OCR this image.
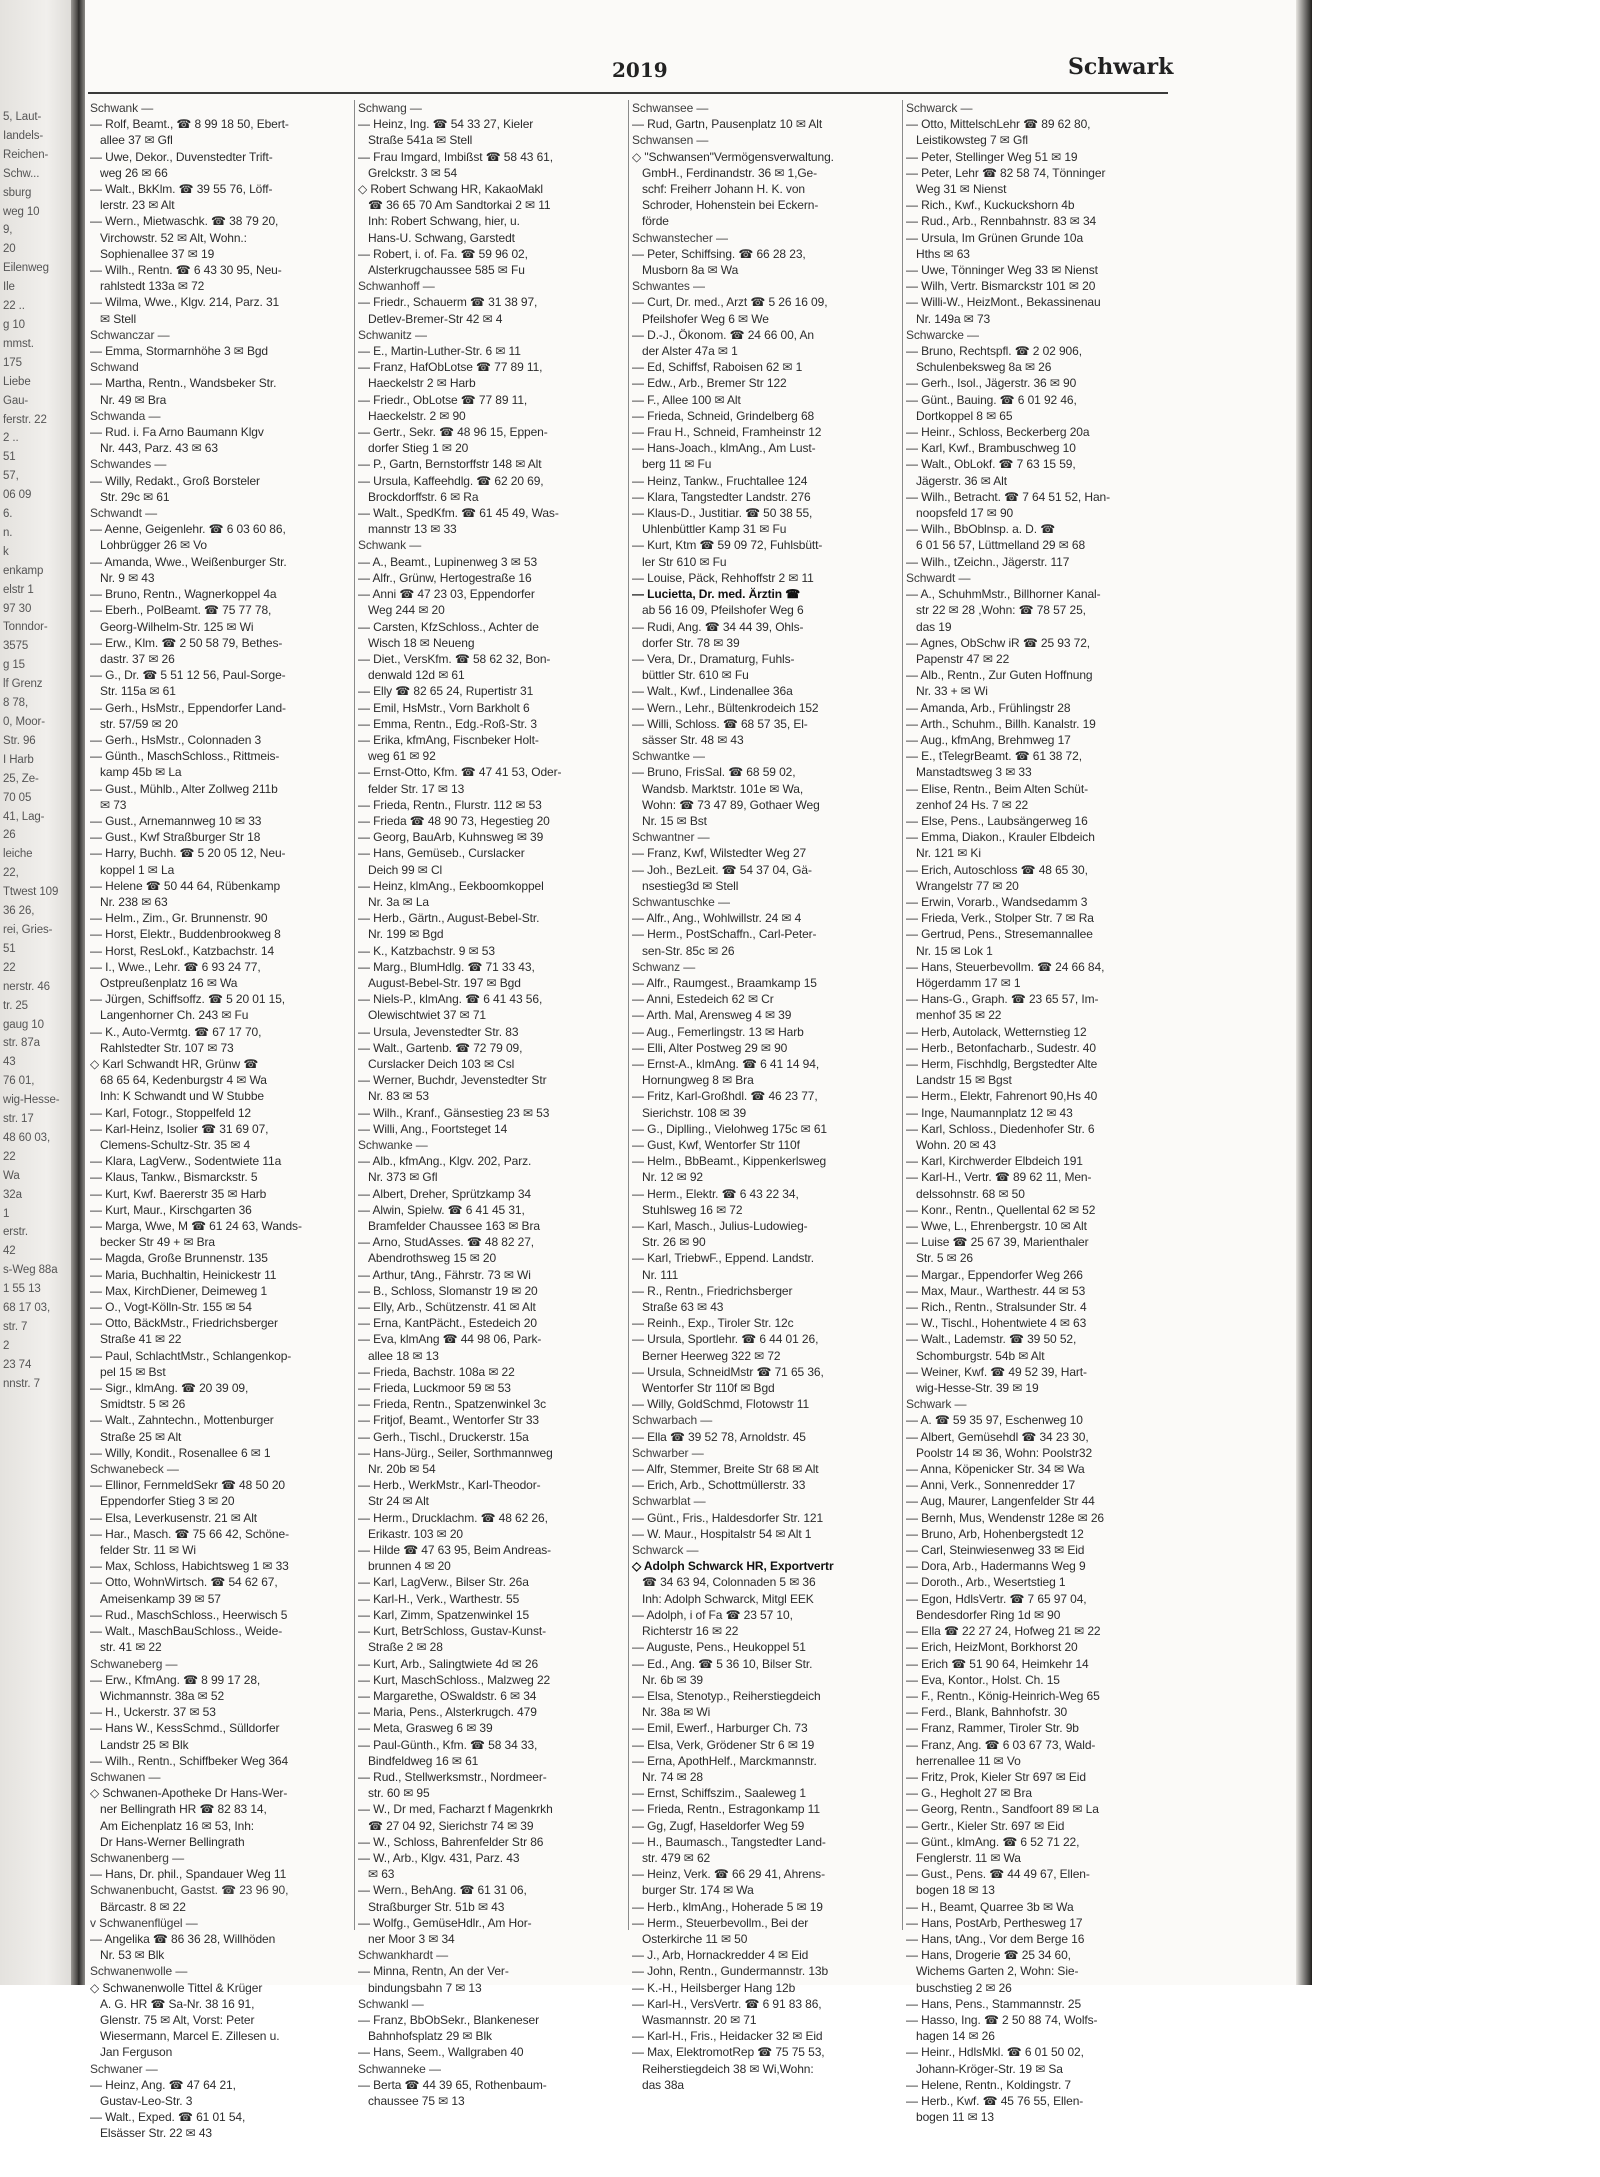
5, Laut-
Iandels-
Reichen-
Schw...
sburg
weg 10
9,
20
Eilenweg
Ile
22 ..
g 10
mmst.
175
Liebe
Gau-
ferstr. 22
2 ..
51
57,
06 09
6.
n.
k
enkamp
elstr 1
97 30
Tonndor-
3575
g 15
lf Grenz
8 78,
0, Moor-
Str. 96
I Harb
25, Ze-
70 05
41, Lag-
26
leiche
22,
Ttwest 109
36 26,
rei, Gries-
51
22
nerstr. 46
tr. 25
gaug 10
str. 87a
43
76 01,
wig-Hesse-
str. 17
48 60 03,
22
Wa
32a
1
erstr.
42
s-Weg 88a
1 55 13
68 17 03,
str. 7
2
23 74
nnstr. 7
2019	Schwark
Schwank —
— Rolf, Beamt., ☎ 8 99 18 50, Ebert-
allee 37 ✉ Gfl
— Uwe, Dekor., Duvenstedter Trift-
weg 26 ✉ 66
— Walt., BkKlm. ☎ 39 55 76, Löff-
lerstr. 23 ✉ Alt
— Wern., Mietwaschk. ☎ 38 79 20,
Virchowstr. 52 ✉ Alt, Wohn.:
Sophienallee 37 ✉ 19
— Wilh., Rentn. ☎ 6 43 30 95, Neu-
rahlstedt 133a ✉ 72
— Wilma, Wwe., Klgv. 214, Parz. 31
✉ Stell
Schwanczar —
— Emma, Stormarnhöhe 3 ✉ Bgd
Schwand
— Martha, Rentn., Wandsbeker Str.
Nr. 49 ✉ Bra
Schwanda —
— Rud. i. Fa Arno Baumann Klgv
Nr. 443, Parz. 43 ✉ 63
Schwandes —
— Willy, Redakt., Groß Borsteler
Str. 29c ✉ 61
Schwandt —
— Aenne, Geigenlehr. ☎ 6 03 60 86,
Lohbrügger 26 ✉ Vo
— Amanda, Wwe., Weißenburger Str.
Nr. 9 ✉ 43
— Bruno, Rentn., Wagnerkoppel 4a
— Eberh., PolBeamt. ☎ 75 77 78,
Georg-Wilhelm-Str. 125 ✉ Wi
— Erw., Klm. ☎ 2 50 58 79, Bethes-
dastr. 37 ✉ 26
— G., Dr. ☎ 5 51 12 56, Paul-Sorge-
Str. 115a ✉ 61
— Gerh., HsMstr., Eppendorfer Land-
str. 57/59 ✉ 20
— Gerh., HsMstr., Colonnaden 3
— Günth., MaschSchloss., Rittmeis-
kamp 45b ✉ La
— Gust., Mühlb., Alter Zollweg 211b
✉ 73
— Gust., Arnemannweg 10 ✉ 33
— Gust., Kwf Straßburger Str 18
— Harry, Buchh. ☎ 5 20 05 12, Neu-
koppel 1 ✉ La
— Helene ☎ 50 44 64, Rübenkamp
Nr. 238 ✉ 63
— Helm., Zim., Gr. Brunnenstr. 90
— Horst, Elektr., Buddenbrookweg 8
— Horst, ResLokf., Katzbachstr. 14
— I., Wwe., Lehr. ☎ 6 93 24 77,
Ostpreußenplatz 16 ✉ Wa
— Jürgen, Schiffsoffz. ☎ 5 20 01 15,
Langenhorner Ch. 243 ✉ Fu
— K., Auto-Vermtg. ☎ 67 17 70,
Rahlstedter Str. 107 ✉ 73
◇ Karl Schwandt HR, Grünw ☎
68 65 64, Kedenburgstr 4 ✉ Wa
Inh: K Schwandt und W Stubbe
— Karl, Fotogr., Stoppelfeld 12
— Karl-Heinz, Isolier ☎ 31 69 07,
Clemens-Schultz-Str. 35 ✉ 4
— Klara, LagVerw., Sodentwiete 11a
— Klaus, Tankw., Bismarckstr. 5
— Kurt, Kwf. Baererstr 35 ✉ Harb
— Kurt, Maur., Kirschgarten 36
— Marga, Wwe, M ☎ 61 24 63, Wands-
becker Str 49 + ✉ Bra
— Magda, Große Brunnenstr. 135
— Maria, Buchhaltin, Heinickestr 11
— Max, KirchDiener, Deimeweg 1
— O., Vogt-Kölln-Str. 155 ✉ 54
— Otto, BäckMstr., Friedrichsberger
Straße 41 ✉ 22
— Paul, SchlachtMstr., Schlangenkop-
pel 15 ✉ Bst
— Sigr., klmAng. ☎ 20 39 09,
Smidtstr. 5 ✉ 26
— Walt., Zahntechn., Mottenburger
Straße 25 ✉ Alt
— Willy, Kondit., Rosenallee 6 ✉ 1
Schwanebeck —
— Ellinor, FernmeldSekr ☎ 48 50 20
Eppendorfer Stieg 3 ✉ 20
— Elsa, Leverkusenstr. 21 ✉ Alt
— Har., Masch. ☎ 75 66 42, Schöne-
felder Str. 11 ✉ Wi
— Max, Schloss, Habichtsweg 1 ✉ 33
— Otto, WohnWirtsch. ☎ 54 62 67,
Ameisenkamp 39 ✉ 57
— Rud., MaschSchloss., Heerwisch 5
— Walt., MaschBauSchloss., Weide-
str. 41 ✉ 22
Schwaneberg —
— Erw., KfmAng. ☎ 8 99 17 28,
Wichmannstr. 38a ✉ 52
— H., Uckerstr. 37 ✉ 53
— Hans W., KessSchmd., Sülldorfer
Landstr 25 ✉ Blk
— Wilh., Rentn., Schiffbeker Weg 364
Schwanen —
◇ Schwanen-Apotheke Dr Hans-Wer-
ner Bellingrath HR ☎ 82 83 14,
Am Eichenplatz 16 ✉ 53, Inh:
Dr Hans-Werner Bellingrath
Schwanenberg —
— Hans, Dr. phil., Spandauer Weg 11
Schwanenbucht, Gastst. ☎ 23 96 90,
Bärcastr. 8 ✉ 22
v Schwanenflügel —
— Angelika ☎ 86 36 28, Willhöden
Nr. 53 ✉ Blk
Schwanenwolle —
◇ Schwanenwolle Tittel & Krüger
A. G. HR ☎ Sa-Nr. 38 16 91,
Glenstr. 75 ✉ Alt, Vorst: Peter
Wiesermann, Marcel E. Zillesen u.
Jan Ferguson
Schwaner —
— Heinz, Ang. ☎ 47 64 21,
Gustav-Leo-Str. 3
— Walt., Exped. ☎ 61 01 54,
Elsässer Str. 22 ✉ 43
Schwang —
— Heinz, Ing. ☎ 54 33 27, Kieler
Straße 541a ✉ Stell
— Frau Imgard, Imbißst ☎ 58 43 61,
Grelckstr. 3 ✉ 54
◇ Robert Schwang HR, KakaoMakl
☎ 36 65 70 Am Sandtorkai 2 ✉ 11
Inh: Robert Schwang, hier, u.
Hans-U. Schwang, Garstedt
— Robert, i. of. Fa. ☎ 59 96 02,
Alsterkrugchaussee 585 ✉ Fu
Schwanhoff —
— Friedr., Schauerm ☎ 31 38 97,
Detlev-Bremer-Str 42 ✉ 4
Schwanitz —
— E., Martin-Luther-Str. 6 ✉ 11
— Franz, HafObLotse ☎ 77 89 11,
Haeckelstr 2 ✉ Harb
— Friedr., ObLotse ☎ 77 89 11,
Haeckelstr. 2 ✉ 90
— Gertr., Sekr. ☎ 48 96 15, Eppen-
dorfer Stieg 1 ✉ 20
— P., Gartn, Bernstorffstr 148 ✉ Alt
— Ursula, Kaffeehdlg. ☎ 62 20 69,
Brockdorffstr. 6 ✉ Ra
— Walt., SpedKfm. ☎ 61 45 49, Was-
mannstr 13 ✉ 33
Schwank —
— A., Beamt., Lupinenweg 3 ✉ 53
— Alfr., Grünw, Hertogestraße 16
— Anni ☎ 47 23 03, Eppendorfer
Weg 244 ✉ 20
— Carsten, KfzSchloss., Achter de
Wisch 18 ✉ Neueng
— Diet., VersKfm. ☎ 58 62 32, Bon-
denwald 12d ✉ 61
— Elly ☎ 82 65 24, Rupertistr 31
— Emil, HsMstr., Vorn Barkholt 6
— Emma, Rentn., Edg.-Roß-Str. 3
— Erika, kfmAng, Fiscnbeker Holt-
weg 61 ✉ 92
— Ernst-Otto, Kfm. ☎ 47 41 53, Oder-
felder Str. 17 ✉ 13
— Frieda, Rentn., Flurstr. 112 ✉ 53
— Frieda ☎ 48 90 73, Hegestieg 20
— Georg, BauArb, Kuhnsweg ✉ 39
— Hans, Gemüseb., Curslacker
Deich 99 ✉ Cl
— Heinz, klmAng., Eekboomkoppel
Nr. 3a ✉ La
— Herb., Gärtn., August-Bebel-Str.
Nr. 199 ✉ Bgd
— K., Katzbachstr. 9 ✉ 53
— Marg., BlumHdlg. ☎ 71 33 43,
August-Bebel-Str. 197 ✉ Bgd
— Niels-P., klmAng. ☎ 6 41 43 56,
Olewischtwiet 37 ✉ 71
— Ursula, Jevenstedter Str. 83
— Walt., Gartenb. ☎ 72 79 09,
Curslacker Deich 103 ✉ Csl
— Werner, Buchdr, Jevenstedter Str
Nr. 83 ✉ 53
— Wilh., Kranf., Gänsestieg 23 ✉ 53
— Willi, Ang., Foortsteget 14
Schwanke —
— Alb., kfmAng., Klgv. 202, Parz.
Nr. 373 ✉ Gfl
— Albert, Dreher, Sprützkamp 34
— Alwin, Spielw. ☎ 6 41 45 31,
Bramfelder Chaussee 163 ✉ Bra
— Arno, StudAsses. ☎ 48 82 27,
Abendrothsweg 15 ✉ 20
— Arthur, tAng., Fährstr. 73 ✉ Wi
— B., Schloss, Slomanstr 19 ✉ 20
— Elly, Arb., Schützenstr. 41 ✉ Alt
— Erna, KantPächt., Estedeich 20
— Eva, klmAng ☎ 44 98 06, Park-
allee 18 ✉ 13
— Frieda, Bachstr. 108a ✉ 22
— Frieda, Luckmoor 59 ✉ 53
— Frieda, Rentn., Spatzenwinkel 3c
— Fritjof, Beamt., Wentorfer Str 33
— Gerh., Tischl., Druckerstr. 15a
— Hans-Jürg., Seiler, Sorthmannweg
Nr. 20b ✉ 54
— Herb., WerkMstr., Karl-Theodor-
Str 24 ✉ Alt
— Herm., Drucklachm. ☎ 48 62 26,
Erikastr. 103 ✉ 20
— Hilde ☎ 47 63 95, Beim Andreas-
brunnen 4 ✉ 20
— Karl, LagVerw., Bilser Str. 26a
— Karl-H., Verk., Warthestr. 55
— Karl, Zimm, Spatzenwinkel 15
— Kurt, BetrSchloss, Gustav-Kunst-
Straße 2 ✉ 28
— Kurt, Arb., Salingtwiete 4d ✉ 26
— Kurt, MaschSchloss., Malzweg 22
— Margarethe, OSwaldstr. 6 ✉ 34
— Maria, Pens., Alsterkrugch. 479
— Meta, Grasweg 6 ✉ 39
— Paul-Günth., Kfm. ☎ 58 34 33,
Bindfeldweg 16 ✉ 61
— Rud., Stellwerksmstr., Nordmeer-
str. 60 ✉ 95
— W., Dr med, Facharzt f Magenkrkh
☎ 27 04 92, Sierichstr 74 ✉ 39
— W., Schloss, Bahrenfelder Str 86
— W., Arb., Klgv. 431, Parz. 43
✉ 63
— Wern., BehAng. ☎ 61 31 06,
Straßburger Str. 51b ✉ 43
— Wolfg., GemüseHdlr., Am Hor-
ner Moor 3 ✉ 34
Schwankhardt —
— Minna, Rentn, An der Ver-
bindungsbahn 7 ✉ 13
Schwankl —
— Franz, BbObSekr., Blankeneser
Bahnhofsplatz 29 ✉ Blk
— Hans, Seem., Wallgraben 40
Schwanneke —
— Berta ☎ 44 39 65, Rothenbaum-
chaussee 75 ✉ 13
Schwansee —
— Rud, Gartn, Pausenplatz 10 ✉ Alt
Schwansen —
◇ "Schwansen"Vermögensverwaltung.
GmbH., Ferdinandstr. 36 ✉ 1,Ge-
schf: Freiherr Johann H. K. von
Schroder, Hohenstein bei Eckern-
förde
Schwanstecher —
— Peter, Schiffsing. ☎ 66 28 23,
Musborn 8a ✉ Wa
Schwantes —
— Curt, Dr. med., Arzt ☎ 5 26 16 09,
Pfeilshofer Weg 6 ✉ We
— D.-J., Ökonom. ☎ 24 66 00, An
der Alster 47a ✉ 1
— Ed, Schiffsf, Raboisen 62 ✉ 1
— Edw., Arb., Bremer Str 122
— F., Allee 100 ✉ Alt
— Frieda, Schneid, Grindelberg 68
— Frau H., Schneid, Framheinstr 12
— Hans-Joach., klmAng., Am Lust-
berg 11 ✉ Fu
— Heinz, Tankw., Fruchtallee 124
— Klara, Tangstedter Landstr. 276
— Klaus-D., Justitiar. ☎ 50 38 55,
Uhlenbüttler Kamp 31 ✉ Fu
— Kurt, Ktm ☎ 59 09 72, Fuhlsbütt-
ler Str 610 ✉ Fu
— Louise, Päck, Rehhoffstr 2 ✉ 11
— Lucietta, Dr. med. Ärztin ☎
ab 56 16 09, Pfeilshofer Weg 6
— Rudi, Ang. ☎ 34 44 39, Ohls-
dorfer Str. 78 ✉ 39
— Vera, Dr., Dramaturg, Fuhls-
büttler Str. 610 ✉ Fu
— Walt., Kwf., Lindenallee 36a
— Wern., Lehr., Bültenkrodeich 152
— Willi, Schloss. ☎ 68 57 35, El-
sässer Str. 48 ✉ 43
Schwantke —
— Bruno, FrisSal. ☎ 68 59 02,
Wandsb. Marktstr. 101e ✉ Wa,
Wohn: ☎ 73 47 89, Gothaer Weg
Nr. 15 ✉ Bst
Schwantner —
— Franz, Kwf, Wilstedter Weg 27
— Joh., BezLeit. ☎ 54 37 04, Gä-
nsestieg3d ✉ Stell
Schwantuschke —
— Alfr., Ang., Wohlwillstr. 24 ✉ 4
— Herm., PostSchaffn., Carl-Peter-
sen-Str. 85c ✉ 26
Schwanz —
— Alfr., Raumgest., Braamkamp 15
— Anni, Estedeich 62 ✉ Cr
— Arth. Mal, Arensweg 4 ✉ 39
— Aug., Femerlingstr. 13 ✉ Harb
— Elli, Alter Postweg 29 ✉ 90
— Ernst-A., klmAng. ☎ 6 41 14 94,
Hornungweg 8 ✉ Bra
— Fritz, Karl-Großhdl. ☎ 46 23 77,
Sierichstr. 108 ✉ 39
— G., Diplling., Vielohweg 175c ✉ 61
— Gust, Kwf, Wentorfer Str 110f
— Helm., BbBeamt., Kippenkerlsweg
Nr. 12 ✉ 92
— Herm., Elektr. ☎ 6 43 22 34,
Stuhlsweg 16 ✉ 72
— Karl, Masch., Julius-Ludowieg-
Str. 26 ✉ 90
— Karl, TriebwF., Eppend. Landstr.
Nr. 111
— R., Rentn., Friedrichsberger
Straße 63 ✉ 43
— Reinh., Exp., Tiroler Str. 12c
— Ursula, Sportlehr. ☎ 6 44 01 26,
Berner Heerweg 322 ✉ 72
— Ursula, SchneidMstr ☎ 71 65 36,
Wentorfer Str 110f ✉ Bgd
— Willy, GoldSchmd, Flotowstr 11
Schwarbach —
— Ella ☎ 39 52 78, Arnoldstr. 45
Schwarber —
— Alfr, Stemmer, Breite Str 68 ✉ Alt
— Erich, Arb., Schottmüllerstr. 33
Schwarblat —
— Günt., Fris., Haldesdorfer Str. 121
— W. Maur., Hospitalstr 54 ✉ Alt 1
Schwarck —
◇ Adolph Schwarck HR, Exportvertr
☎ 34 63 94, Colonnaden 5 ✉ 36
Inh: Adolph Schwarck, Mitgl EEK
— Adolph, i of Fa ☎ 23 57 10,
Richterstr 16 ✉ 22
— Auguste, Pens., Heukoppel 51
— Ed., Ang. ☎ 5 36 10, Bilser Str.
Nr. 6b ✉ 39
— Elsa, Stenotyp., Reiherstiegdeich
Nr. 38a ✉ Wi
— Emil, Ewerf., Harburger Ch. 73
— Elsa, Verk, Grödener Str 6 ✉ 19
— Erna, ApothHelf., Marckmannstr.
Nr. 74 ✉ 28
— Ernst, Schiffszim., Saaleweg 1
— Frieda, Rentn., Estragonkamp 11
— Gg, Zugf, Haseldorfer Weg 59
— H., Baumasch., Tangstedter Land-
str. 479 ✉ 62
— Heinz, Verk. ☎ 66 29 41, Ahrens-
burger Str. 174 ✉ Wa
— Herb., klmAng., Hoherade 5 ✉ 19
— Herm., Steuerbevollm., Bei der
Osterkirche 11 ✉ 50
— J., Arb, Hornackredder 4 ✉ Eid
— John, Rentn., Gundermannstr. 13b
— K.-H., Heilsberger Hang 12b
— Karl-H., VersVertr. ☎ 6 91 83 86,
Wasmannstr. 20 ✉ 71
— Karl-H., Fris., Heidacker 32 ✉ Eid
— Max, ElektromotRep ☎ 75 75 53,
Reiherstiegdeich 38 ✉ Wi,Wohn:
das 38a
Schwarck —
— Otto, MittelschLehr ☎ 89 62 80,
Leistikowsteg 7 ✉ Gfl
— Peter, Stellinger Weg 51 ✉ 19
— Peter, Lehr ☎ 82 58 74, Tönninger
Weg 31 ✉ Nienst
— Rich., Kwf., Kuckuckshorn 4b
— Rud., Arb., Rennbahnstr. 83 ✉ 34
— Ursula, Im Grünen Grunde 10a
Hths ✉ 63
— Uwe, Tönninger Weg 33 ✉ Nienst
— Wilh, Vertr. Bismarckstr 101 ✉ 20
— Willi-W., HeizMont., Bekassinenau
Nr. 149a ✉ 73
Schwarcke —
— Bruno, Rechtspfl. ☎ 2 02 906,
Schulenbeksweg 8a ✉ 26
— Gerh., Isol., Jägerstr. 36 ✉ 90
— Günt., Bauing. ☎ 6 01 92 46,
Dortkoppel 8 ✉ 65
— Heinr., Schloss, Beckerberg 20a
— Karl, Kwf., Brambuschweg 10
— Walt., ObLokf. ☎ 7 63 15 59,
Jägerstr. 36 ✉ Alt
— Wilh., Betracht. ☎ 7 64 51 52, Han-
noopsfeld 17 ✉ 90
— Wilh., BbOblnsp. a. D. ☎
6 01 56 57, Lüttmelland 29 ✉ 68
— Wilh., tZeichn., Jägerstr. 117
Schwardt —
— A., SchuhmMstr., Billhorner Kanal-
str 22 ✉ 28 ,Wohn: ☎ 78 57 25,
das 19
— Agnes, ObSchw iR ☎ 25 93 72,
Papenstr 47 ✉ 22
— Alb., Rentn., Zur Guten Hoffnung
Nr. 33 + ✉ Wi
— Amanda, Arb., Frühlingstr 28
— Arth., Schuhm., Billh. Kanalstr. 19
— Aug., kfmAng, Brehmweg 17
— E., tTelegrBeamt. ☎ 61 38 72,
Manstadtsweg 3 ✉ 33
— Elise, Rentn., Beim Alten Schüt-
zenhof 24 Hs. 7 ✉ 22
— Else, Pens., Laubsängerweg 16
— Emma, Diakon., Krauler Elbdeich
Nr. 121 ✉ Ki
— Erich, Autoschloss ☎ 48 65 30,
Wrangelstr 77 ✉ 20
— Erwin, Vorarb., Wandsedamm 3
— Frieda, Verk., Stolper Str. 7 ✉ Ra
— Gertrud, Pens., Stresemannallee
Nr. 15 ✉ Lok 1
— Hans, Steuerbevollm. ☎ 24 66 84,
Högerdamm 17 ✉ 1
— Hans-G., Graph. ☎ 23 65 57, Im-
menhof 35 ✉ 22
— Herb, Autolack, Wetternstieg 12
— Herb., Betonfacharb., Sudestr. 40
— Herm, Fischhdlg, Bergstedter Alte
Landstr 15 ✉ Bgst
— Herm., Elektr, Fahrenort 90,Hs 40
— Inge, Naumannplatz 12 ✉ 43
— Karl, Schloss., Diedenhofer Str. 6
Wohn. 20 ✉ 43
— Karl, Kirchwerder Elbdeich 191
— Karl-H., Vertr. ☎ 89 62 11, Men-
delssohnstr. 68 ✉ 50
— Konr., Rentn., Quellental 62 ✉ 52
— Wwe, L., Ehrenbergstr. 10 ✉ Alt
— Luise ☎ 25 67 39, Marienthaler
Str. 5 ✉ 26
— Margar., Eppendorfer Weg 266
— Max, Maur., Warthestr. 44 ✉ 53
— Rich., Rentn., Stralsunder Str. 4
— W., Tischl., Hohentwiete 4 ✉ 63
— Walt., Lademstr. ☎ 39 50 52,
Schomburgstr. 54b ✉ Alt
— Weiner, Kwf. ☎ 49 52 39, Hart-
wig-Hesse-Str. 39 ✉ 19
Schwark —
— A. ☎ 59 35 97, Eschenweg 10
— Albert, Gemüsehdl ☎ 34 23 30,
Poolstr 14 ✉ 36, Wohn: Poolstr32
— Anna, Köpenicker Str. 34 ✉ Wa
— Anni, Verk., Sonnenredder 17
— Aug, Maurer, Langenfelder Str 44
— Bernh, Mus, Wendenstr 128e ✉ 26
— Bruno, Arb, Hohenbergstedt 12
— Carl, Steinwiesenweg 33 ✉ Eid
— Dora, Arb., Hadermanns Weg 9
— Doroth., Arb., Wesertstieg 1
— Egon, HdlsVertr. ☎ 7 65 97 04,
Bendesdorfer Ring 1d ✉ 90
— Ella ☎ 22 27 24, Hofweg 21 ✉ 22
— Erich, HeizMont, Borkhorst 20
— Erich ☎ 51 90 64, Heimkehr 14
— Eva, Kontor., Holst. Ch. 15
— F., Rentn., König-Heinrich-Weg 65
— Ferd., Blank, Bahnhofstr. 30
— Franz, Rammer, Tiroler Str. 9b
— Franz, Ang. ☎ 6 03 67 73, Wald-
herrenallee 11 ✉ Vo
— Fritz, Prok, Kieler Str 697 ✉ Eid
— G., Hegholt 27 ✉ Bra
— Georg, Rentn., Sandfoort 89 ✉ La
— Gertr., Kieler Str. 697 ✉ Eid
— Günt., klmAng. ☎ 6 52 71 22,
Fenglerstr. 11 ✉ Wa
— Gust., Pens. ☎ 44 49 67, Ellen-
bogen 18 ✉ 13
— H., Beamt, Quarree 3b ✉ Wa
— Hans, PostArb, Perthesweg 17
— Hans, tAng., Vor dem Berge 16
— Hans, Drogerie ☎ 25 34 60,
Wichems Garten 2, Wohn: Sie-
buschstieg 2 ✉ 26
— Hans, Pens., Stammannstr. 25
— Hasso, Ing. ☎ 2 50 88 74, Wolfs-
hagen 14 ✉ 26
— Heinr., HdlsMkl. ☎ 6 01 50 02,
Johann-Kröger-Str. 19 ✉ Sa
— Helene, Rentn., Koldingstr. 7
— Herb., Kwf. ☎ 45 76 55, Ellen-
bogen 11 ✉ 13
